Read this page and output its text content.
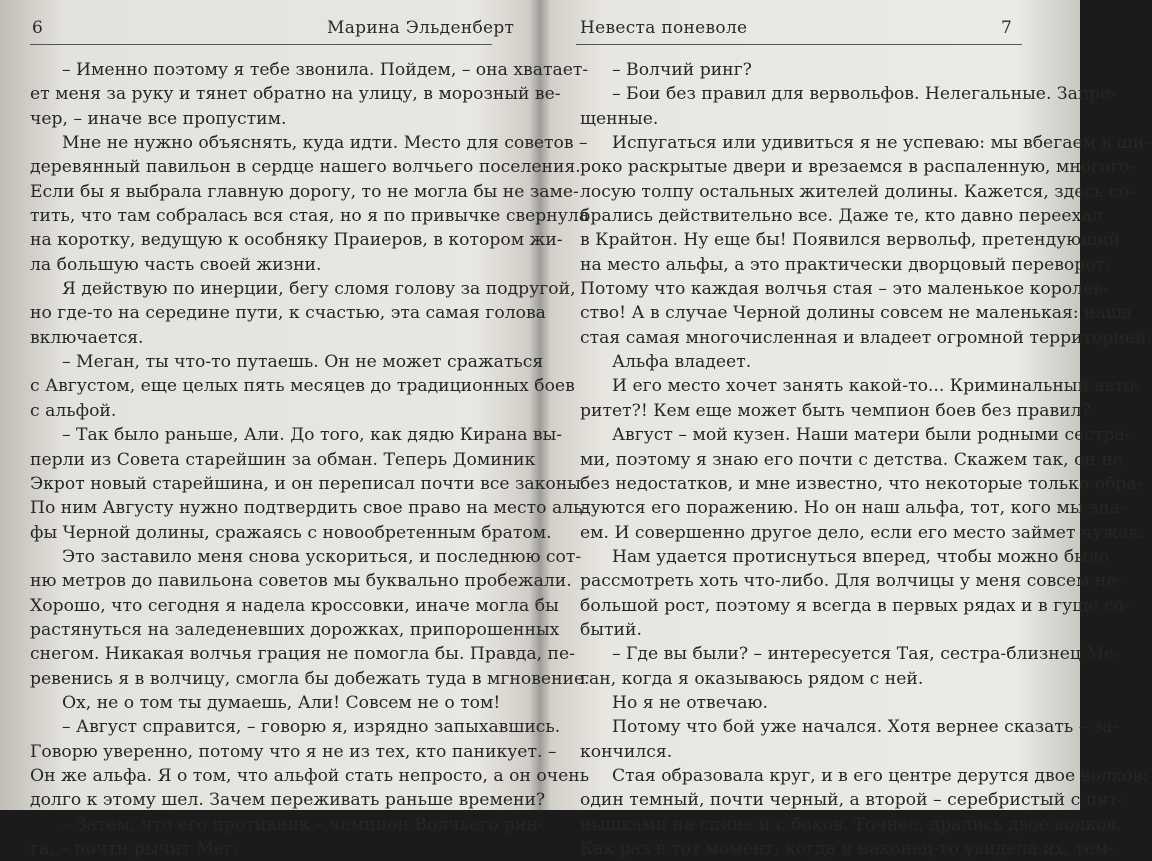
6	Марина Эльденберт
– Именно поэтому я тебе звонила. Пойдем, – она хватает-
ет меня за руку и тянет обратно на улицу, в морозный ве-
чер, – иначе все пропустим.
Мне не нужно объяснять, куда идти. Место для советов –
деревянный павильон в сердце нашего волчьего поселения.
Если бы я выбрала главную дорогу, то не могла бы не заме-
тить, что там собралась вся стая, но я по привычке свернула
на коротку, ведущую к особняку Праиеров, в котором жи-
ла большую часть своей жизни.
Я действую по инерции, бегу сломя голову за подругой,
но где-то на середине пути, к счастью, эта самая голова
включается.
– Меган, ты что-то путаешь. Он не может сражаться
с Августом, еще целых пять месяцев до традиционных боев
с альфой.
– Так было раньше, Али. До того, как дядю Кирана вы-
перли из Совета старейшин за обман. Теперь Доминик
Экрот новый старейшина, и он переписал почти все законы.
По ним Августу нужно подтвердить свое право на место аль-
фы Черной долины, сражаясь с новообретенным братом.
Это заставило меня снова ускориться, и последнюю сот-
ню метров до павильона советов мы буквально пробежали.
Хорошо, что сегодня я надела кроссовки, иначе могла бы
растянуться на заледеневших дорожках, припорошенных
снегом. Никакая волчья грация не помогла бы. Правда, пе-
ревенись я в волчицу, смогла бы добежать туда в мгновение.
Ох, не о том ты думаешь, Али! Совсем не о том!
– Август справится, – говорю я, изрядно запыхавшись.
Говорю уверенно, потому что я не из тех, кто паникует. –
Он же альфа. Я о том, что альфой стать непросто, а он очень
долго к этому шел. Зачем переживать раньше времени?
– Затем, что его противник – чемпион Волчьего рин-
га, – почти рычит Мег.
Невеста поневоле	7
– Волчий ринг?
– Бои без правил для вервольфов. Нелегальные. Запре-
щенные.
Испугаться или удивиться я не успеваю: мы вбегаем в ши-
роко раскрытые двери и врезаемся в распаленную, многого-
лосую толпу остальных жителей долины. Кажется, здесь со-
брались действительно все. Даже те, кто давно переехал
в Крайтон. Ну еще бы! Появился вервольф, претендующий
на место альфы, а это практически дворцовый переворот.
Потому что каждая волчья стая – это маленькое королев-
ство! А в случае Черной долины совсем не маленькая: наша
стая самая многочисленная и владеет огромной территорией.
Альфа владеет.
И его место хочет занять какой-то... Криминальный авто-
ритет?! Кем еще может быть чемпион боев без правил?
Август – мой кузен. Наши матери были родными сестра-
ми, поэтому я знаю его почти с детства. Скажем так, он не
без недостатков, и мне известно, что некоторые только обра-
дуются его поражению. Но он наш альфа, тот, кого мы зна-
ем. И совершенно другое дело, если его место займет чужак.
Нам удается протиснуться вперед, чтобы можно было
рассмотреть хоть что-либо. Для волчицы у меня совсем не-
большой рост, поэтому я всегда в первых рядах и в гуще со-
бытий.
– Где вы были? – интересуется Тая, сестра-близнец Ме-
ган, когда я оказываюсь рядом с ней.
Но я не отвечаю.
Потому что бой уже начался. Хотя вернее сказать – за-
кончился.
Стая образовала круг, и в его центре дерутся двое волков:
один темный, почти черный, а второй – серебристый с пят-
нышками на спине и с боков. Точнее, дрались двое волков.
Как раз в тот момент, когда я наконец-то увидела их, тем-
